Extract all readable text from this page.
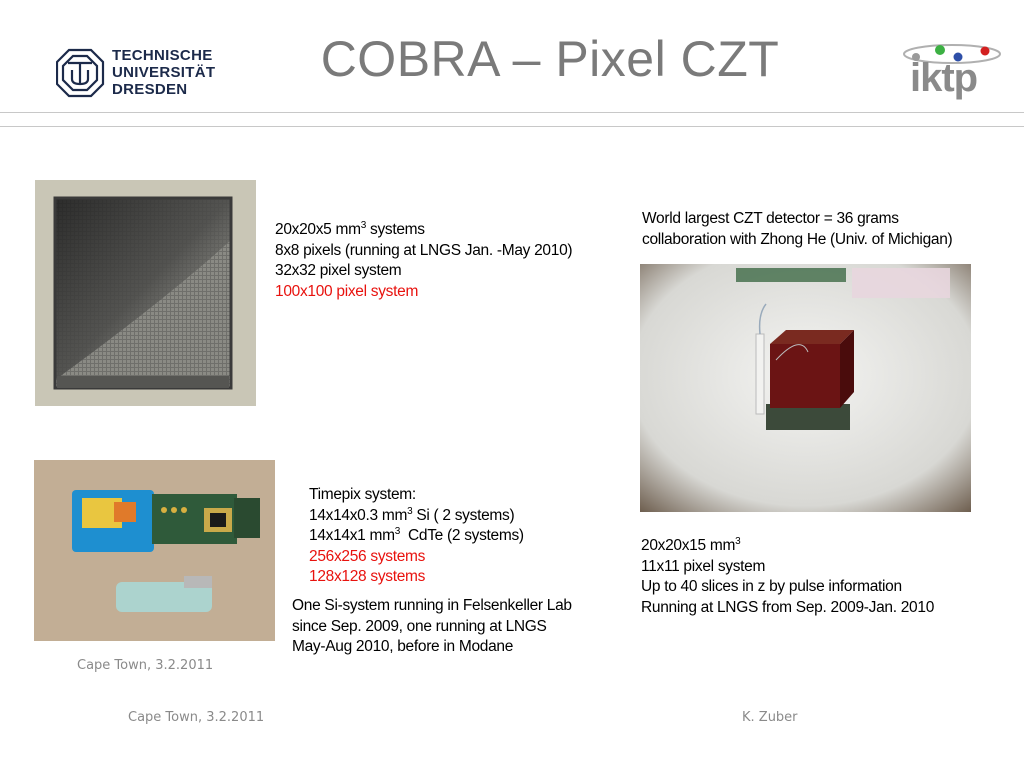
TECHNISCHE
UNIVERSITÄT
DRESDEN
COBRA – Pixel CZT	iktp
20x20x5 $mm^3$ systems
8x8 pixels (running at LNGS Jan. -May 2010)
32x32 pixel system
100x100 pixel system
World largest CZT detector = 36 grams
collaboration with Zhong He (Univ. of Michigan)
Timepix system:
14x14x0.3 $mm^3$ Si ( 2 systems)
14x14x1 $mm^3$  CdTe (2 systems)
256x256 systems
128x128 systems
One Si-system running in Felsenkeller Lab
since Sep. 2009, one running at LNGS
May-Aug 2010, before in Modane
20x20x15 $mm^3$
11x11 pixel system
Up to 40 slices in z by pulse information
Running at LNGS from Sep. 2009-Jan. 2010
Cape Town, 3.2.2011
Cape Town, 3.2.2011	K. Zuber
